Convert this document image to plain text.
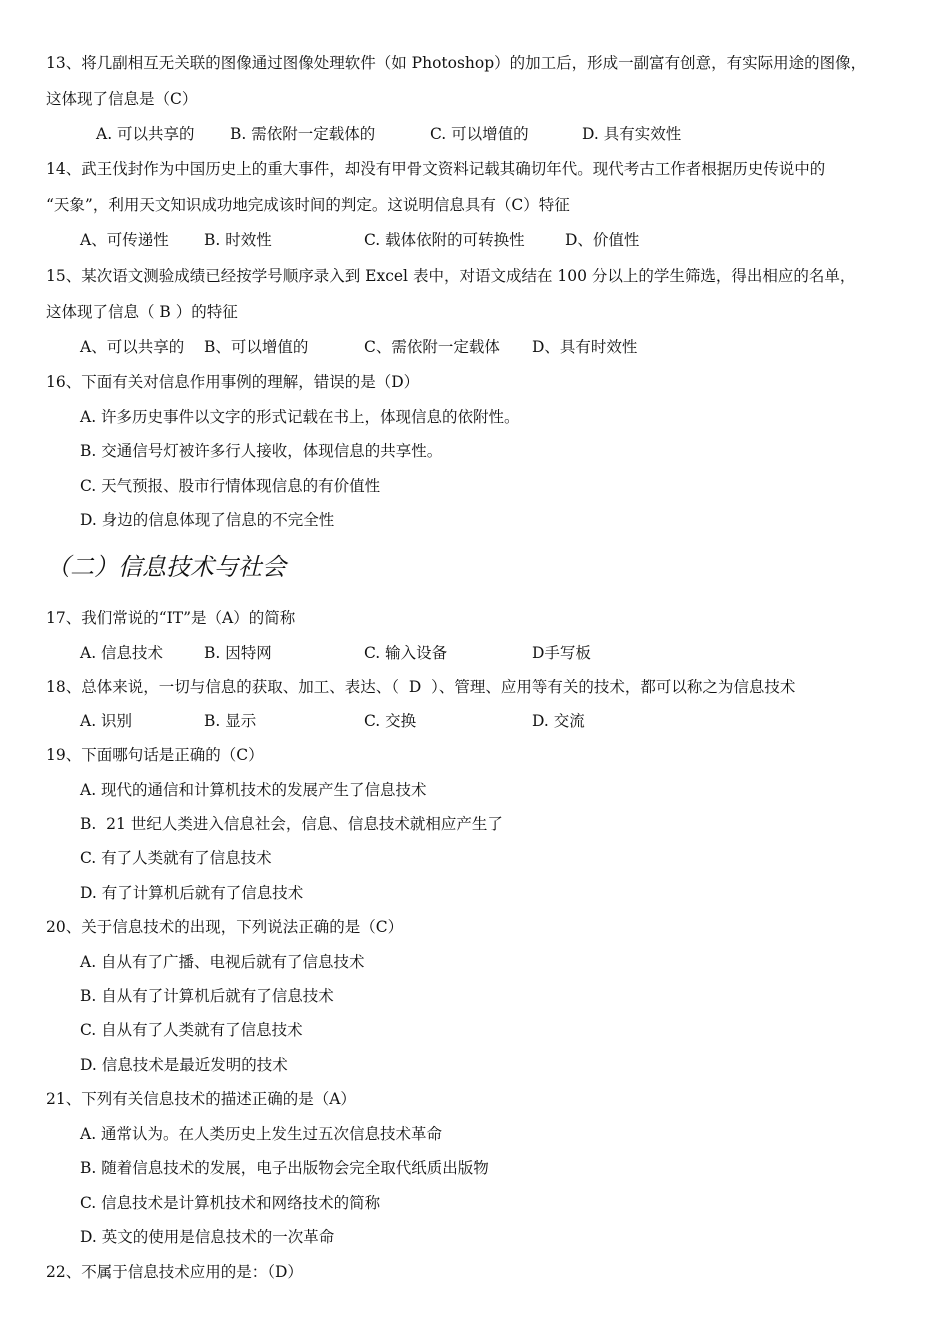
13、将几副相互无关联的图像通过图像处理软件（如 Photoshop）的加工后，形成一副富有创意，有实际用途的图像，
这体现了信息是（C）
A. 可以共享的 B. 需依附一定载体的	C. 可以增值的	D. 具有实效性
14、武王伐封作为中国历史上的重大事件，却没有甲骨文资料记载其确切年代。现代考古工作者根据历史传说中的
“天象”，利用天文知识成功地完成该时间的判定。这说明信息具有（C）特征
A、可传递性 B. 时效性	C. 载体依附的可转换性	D、价值性
15、某次语文测验成绩已经按学号顺序录入到 Excel 表中，对语文成结在 100 分以上的学生筛选，得出相应的名单，
这体现了信息（ B ）的特征
A、可以共享的 B、可以增值的	C、需依附一定载体 D、具有时效性
16、下面有关对信息作用事例的理解，错误的是（D）
A. 许多历史事件以文字的形式记载在书上，体现信息的依附性。
B. 交通信号灯被许多行人接收，体现信息的共享性。
C. 天气预报、股市行情体现信息的有价值性
D. 身边的信息体现了信息的不完全性
（二）信息技术与社会
17、我们常说的“IT”是（A）的简称
A. 信息技术	B. 因特网	C. 输入设备	D手写板
18、总体来说，一切与信息的获取、加工、表达、（  D  ）、管理、应用等有关的技术，都可以称之为信息技术
A. 识别	B. 显示	C. 交换	D. 交流
19、下面哪句话是正确的（C）
A. 现代的通信和计算机技术的发展产生了信息技术
B.  21 世纪人类进入信息社会，信息、信息技术就相应产生了
C. 有了人类就有了信息技术
D. 有了计算机后就有了信息技术
20、关于信息技术的出现，下列说法正确的是（C）
A. 自从有了广播、电视后就有了信息技术
B. 自从有了计算机后就有了信息技术
C. 自从有了人类就有了信息技术
D. 信息技术是最近发明的技术
21、下列有关信息技术的描述正确的是（A）
A. 通常认为。在人类历史上发生过五次信息技术革命
B. 随着信息技术的发展，电子出版物会完全取代纸质出版物
C. 信息技术是计算机技术和网络技术的简称
D. 英文的使用是信息技术的一次革命
22、不属于信息技术应用的是：（D）
